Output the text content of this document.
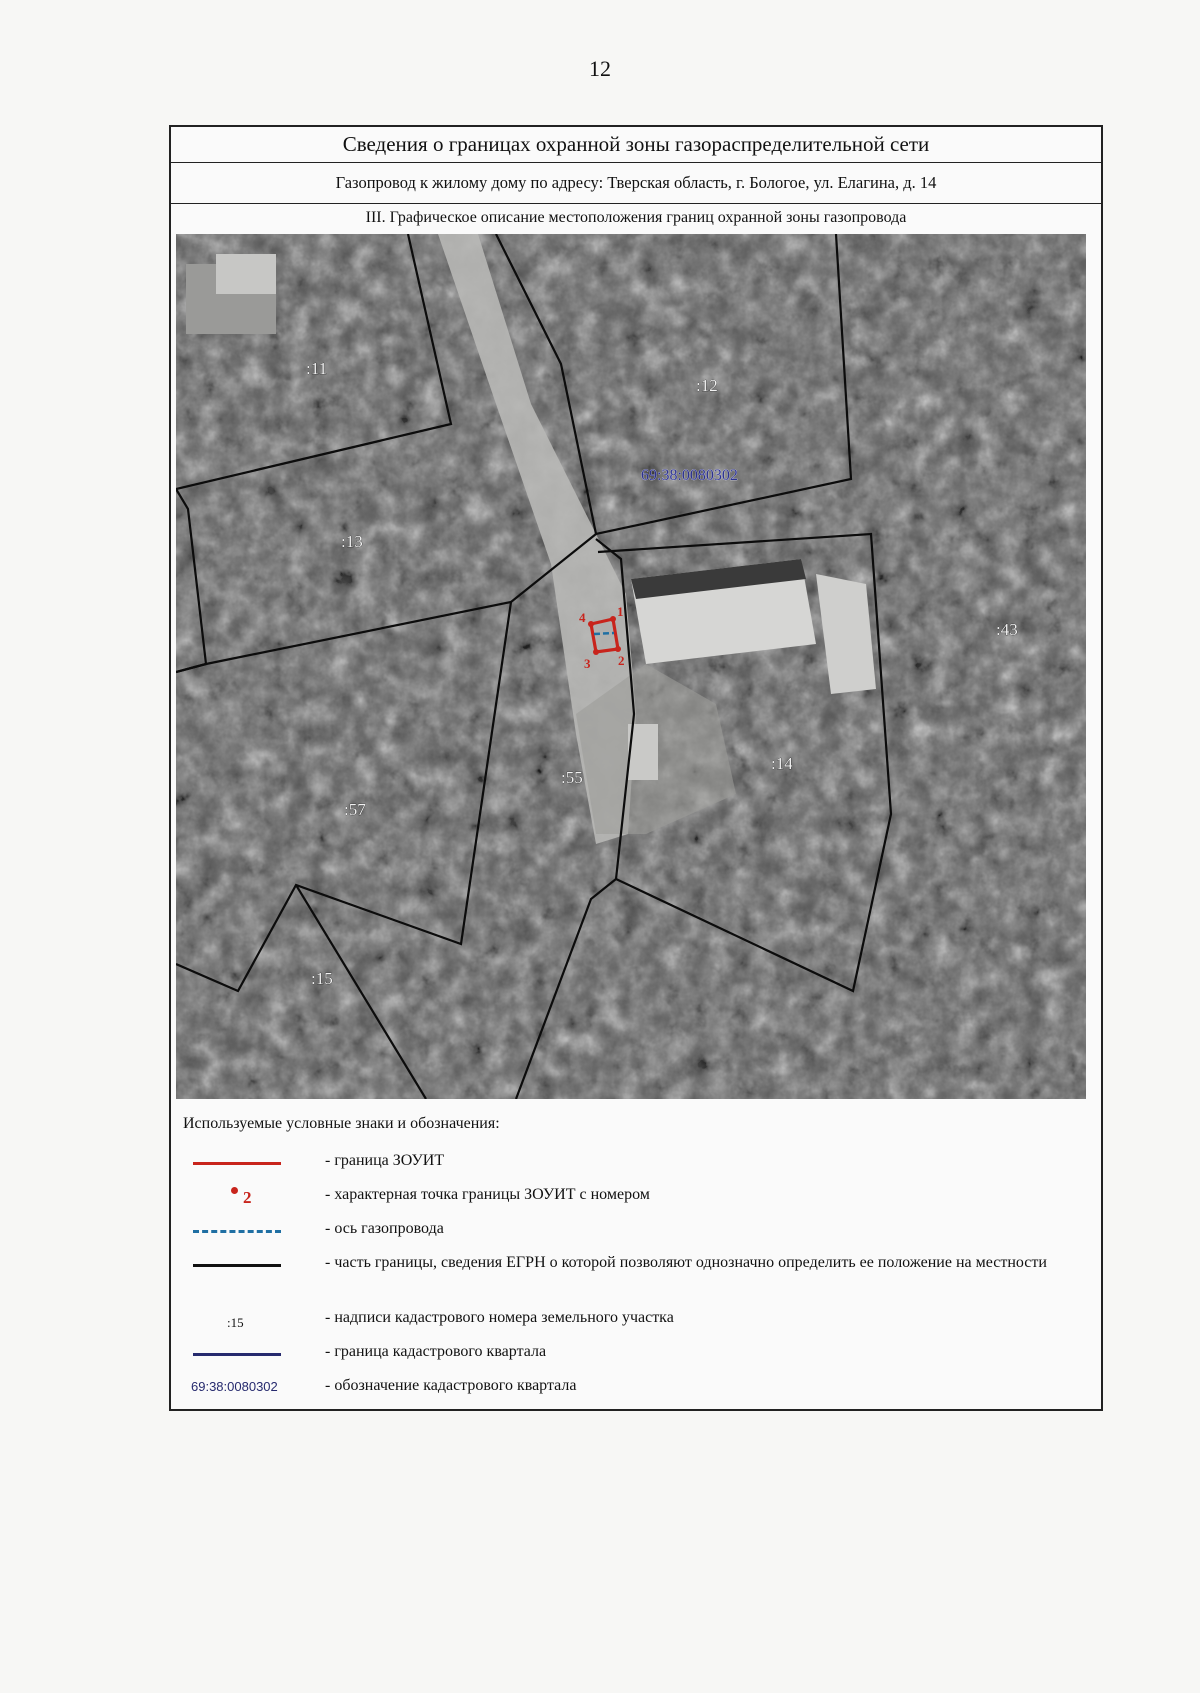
12
Сведения о границах охранной зоны газораспределительной сети
Газопровод к жилому дому по адресу: Тверская область, г. Бологое, ул. Елагина, д. 14
III. Графическое описание местоположения границ охранной зоны газопровода
1
2
3
4
:11
:12
:13
:43
:14
:55
:57
:15
69:38:0080302
Используемые условные знаки и обозначения:
- граница ЗОУИТ
2	- характерная точка границы ЗОУИТ с номером
- ось газопровода
- часть границы, сведения ЕГРН о которой позволяют однозначно определить ее положение на местности
:15	- надписи кадастрового номера земельного участка
- граница кадастрового квартала
69:38:0080302	- обозначение кадастрового квартала
